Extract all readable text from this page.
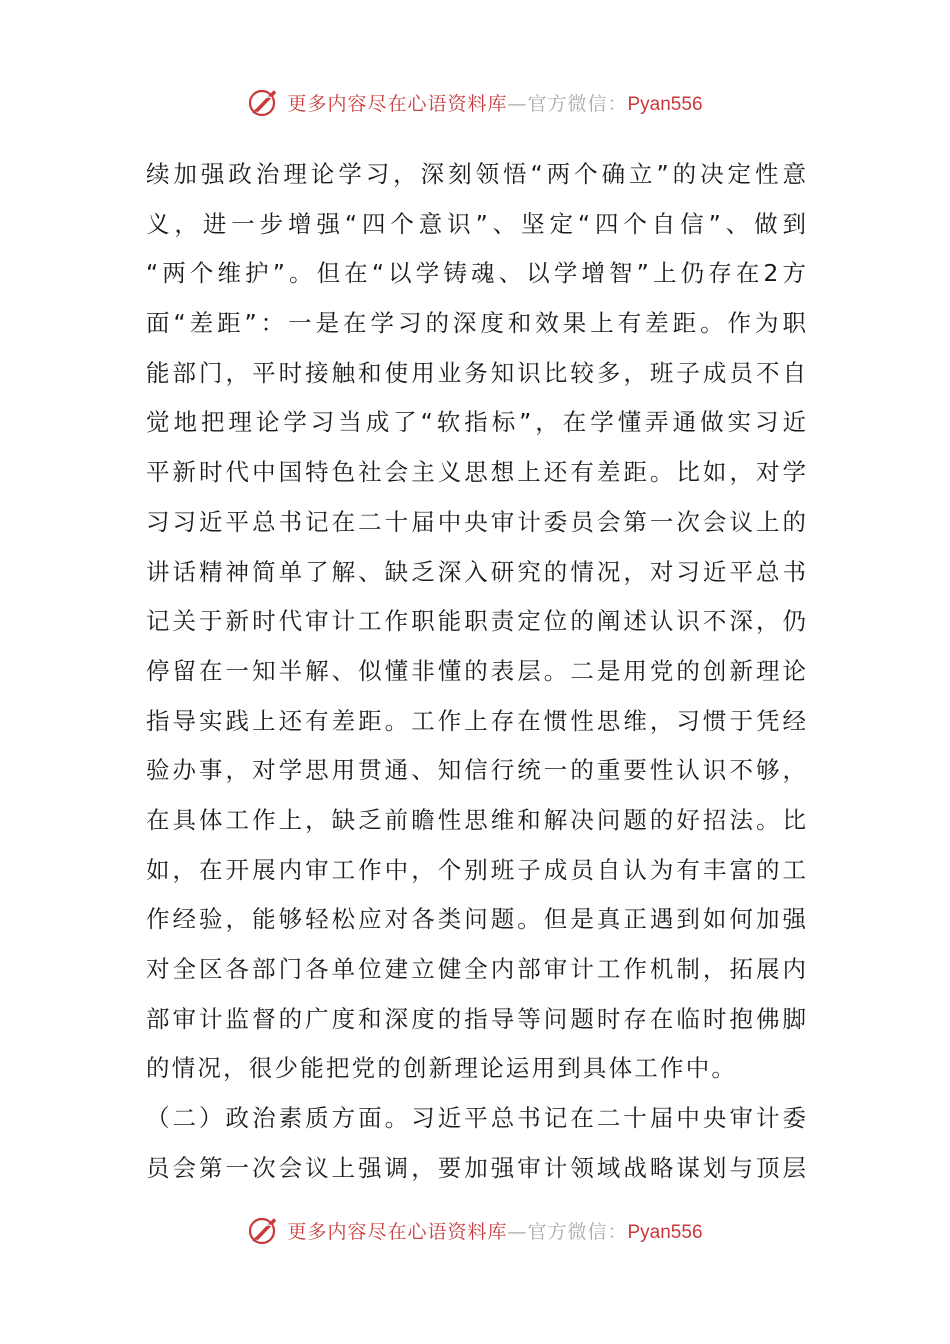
更多内容尽在心语资料库—官方微信：Pyan556
续加强政治理论学习，深刻领悟“两个确立”的决定性意
义，进一步增强“四个意识”、坚定“四个自信”、做到
“两个维护”。但在“以学铸魂、以学增智”上仍存在2方
面“差距”：一是在学习的深度和效果上有差距。作为职
能部门，平时接触和使用业务知识比较多，班子成员不自
觉地把理论学习当成了“软指标”，在学懂弄通做实习近
平新时代中国特色社会主义思想上还有差距。比如，对学
习习近平总书记在二十届中央审计委员会第一次会议上的
讲话精神简单了解、缺乏深入研究的情况，对习近平总书
记关于新时代审计工作职能职责定位的阐述认识不深，仍
停留在一知半解、似懂非懂的表层。二是用党的创新理论
指导实践上还有差距。工作上存在惯性思维，习惯于凭经
验办事，对学思用贯通、知信行统一的重要性认识不够，
在具体工作上，缺乏前瞻性思维和解决问题的好招法。比
如，在开展内审工作中，个别班子成员自认为有丰富的工
作经验，能够轻松应对各类问题。但是真正遇到如何加强
对全区各部门各单位建立健全内部审计工作机制，拓展内
部审计监督的广度和深度的指导等问题时存在临时抱佛脚
的情况，很少能把党的创新理论运用到具体工作中。
（二）政治素质方面。习近平总书记在二十届中央审计委
员会第一次会议上强调，要加强审计领域战略谋划与顶层
更多内容尽在心语资料库—官方微信：Pyan556
